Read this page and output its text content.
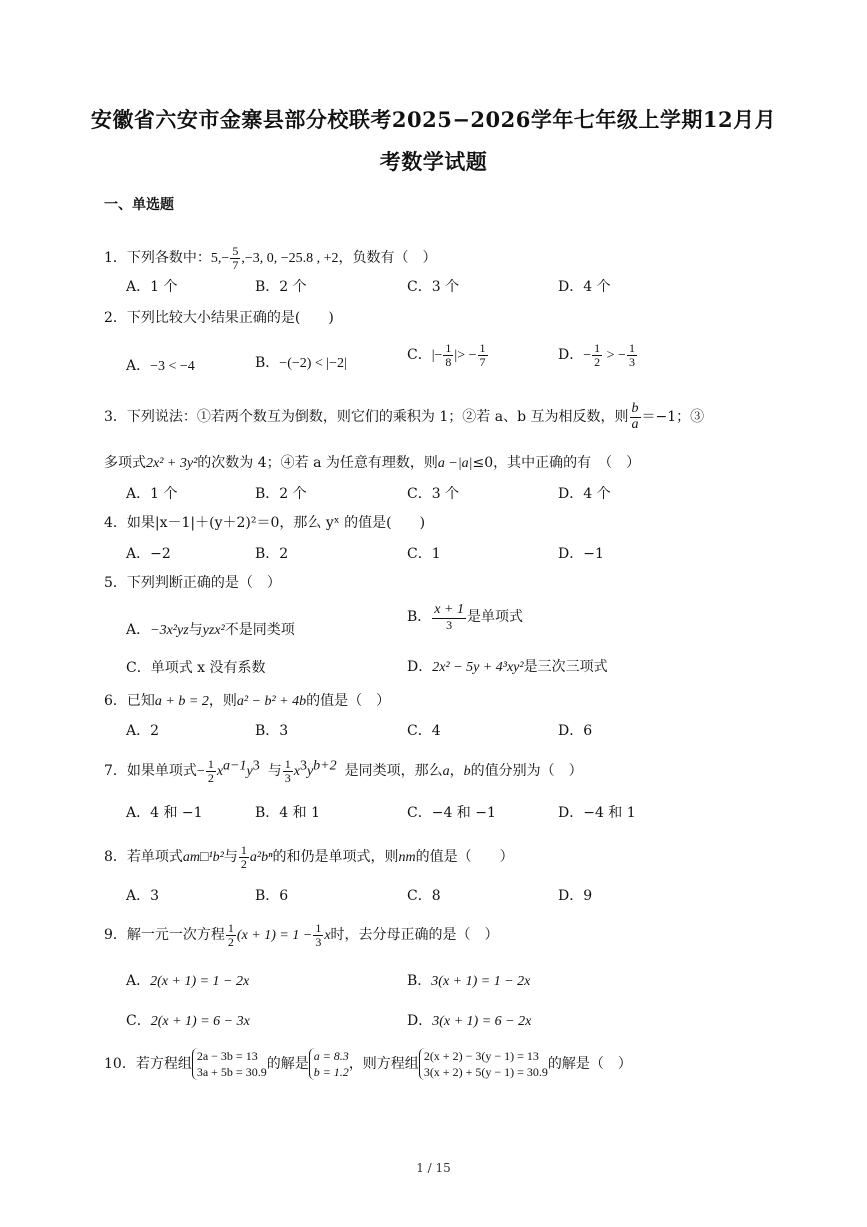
安徽省六安市金寨县部分校联考2025−2026学年七年级上学期12月月
考数学试题
一、单选题
1．下列各数中：$5,- \frac{5}{7} ,-3$, 0, −25.8 , +2，负数有（　）
A．1 个	B．2 个	C．3 个	D．4 个
2．下列比较大小结果正确的是(　　)
A．−3 < −4	B．−(−2) < |−2|
C．|− $\frac{1}{8}$ |> − $\frac{1}{7}$	D．− $\frac{1}{2}$ > − $\frac{1}{3}$
3．下列说法：①若两个数互为倒数，则它们的乘积为 1；②若 a、b 互为相反数，则 $\frac{b}{a} =-1$；③
多项式2x² + 3y²的次数为 4；④若 a 为任意有理数，则a −|a|≤0，其中正确的有　（　）
A．1 个	B．2 个	C．3 个	D．4 个
4．如果|x－1|＋(y＋2)²＝0，那么 yˣ 的值是(　　)
A．−2	B．2	C．1	D．−1
5．下列判断正确的是（　）
A．−3x²yz与yzx²不是同类项
B． $\frac{x + 1}{3}$ 是单项式
C．单项式 x 没有系数	D．2x² − 5y + 4³xy²是三次三项式
6．已知a + b = 2，则a² − b² + 4b的值是（　）
A．2	B．3	C．4	D．6
7．如果单项式− $\frac{1}{2} x^{a-1}y^3$ 与 $\frac{1}{3} x^3y^{b+2}$ 是同类项，那么a，b的值分别为（　）
A．4 和 −1	B．4 和 1	C．−4 和 −1	D．−4 和 1
8．若单项式am□¹b²与 $\frac{1}{2} a^2b^n$的和仍是单项式，则nm的值是（　　）
A．3	B．6	C．8	D．9
9．解一元一次方程 $\frac{1}{2} (x + 1) = 1 - \frac{1}{3}$ x时，去分母正确的是（　）
A．2(x + 1) = 1 − 2x	B．3(x + 1) = 1 − 2x
C．2(x + 1) = 6 − 3x	D．3(x + 1) = 6 − 2x
10．若方程组
2a − 3b = 13
3a + 5b = 30.9 的解是
a = 8.3
b = 1.2 ，则方程组
2(x + 2) − 3(y − 1) = 13
3(x + 2) + 5(y − 1) = 30.9 的解是（　）
1 / 15
